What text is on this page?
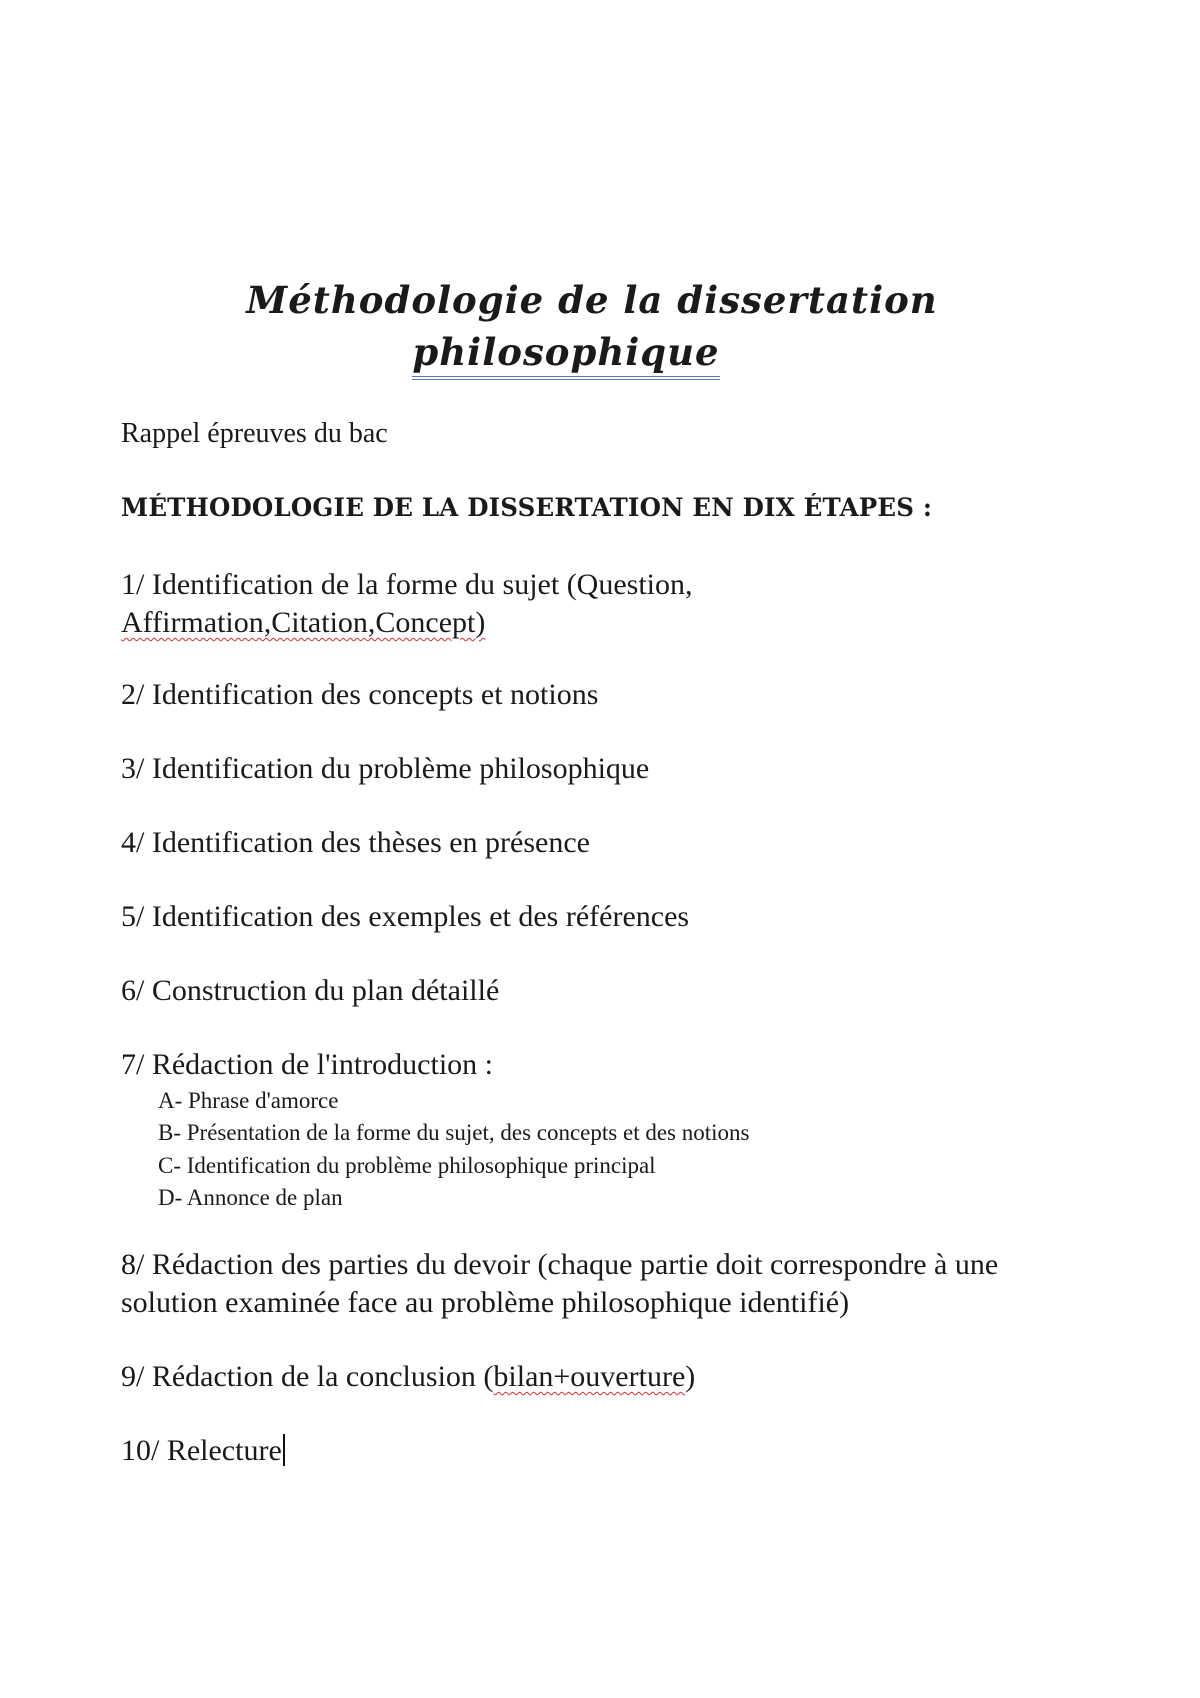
Méthodologie de la dissertation
philosophique
Rappel épreuves du bac
MÉTHODOLOGIE DE LA DISSERTATION EN DIX ÉTAPES :
1/ Identification de la forme du sujet (Question,
Affirmation,Citation,Concept)
2/ Identification des concepts et notions
3/ Identification du problème philosophique
4/ Identification des thèses en présence
5/ Identification des exemples et des références
6/ Construction du plan détaillé
7/ Rédaction de l'introduction :
A- Phrase d'amorce
B- Présentation de la forme du sujet, des concepts et des notions
C- Identification du problème philosophique principal
D- Annonce de plan
8/ Rédaction des parties du devoir (chaque partie doit correspondre à une
solution examinée face au problème philosophique identifié)
9/ Rédaction de la conclusion (bilan+ouverture)
10/ Relecture
